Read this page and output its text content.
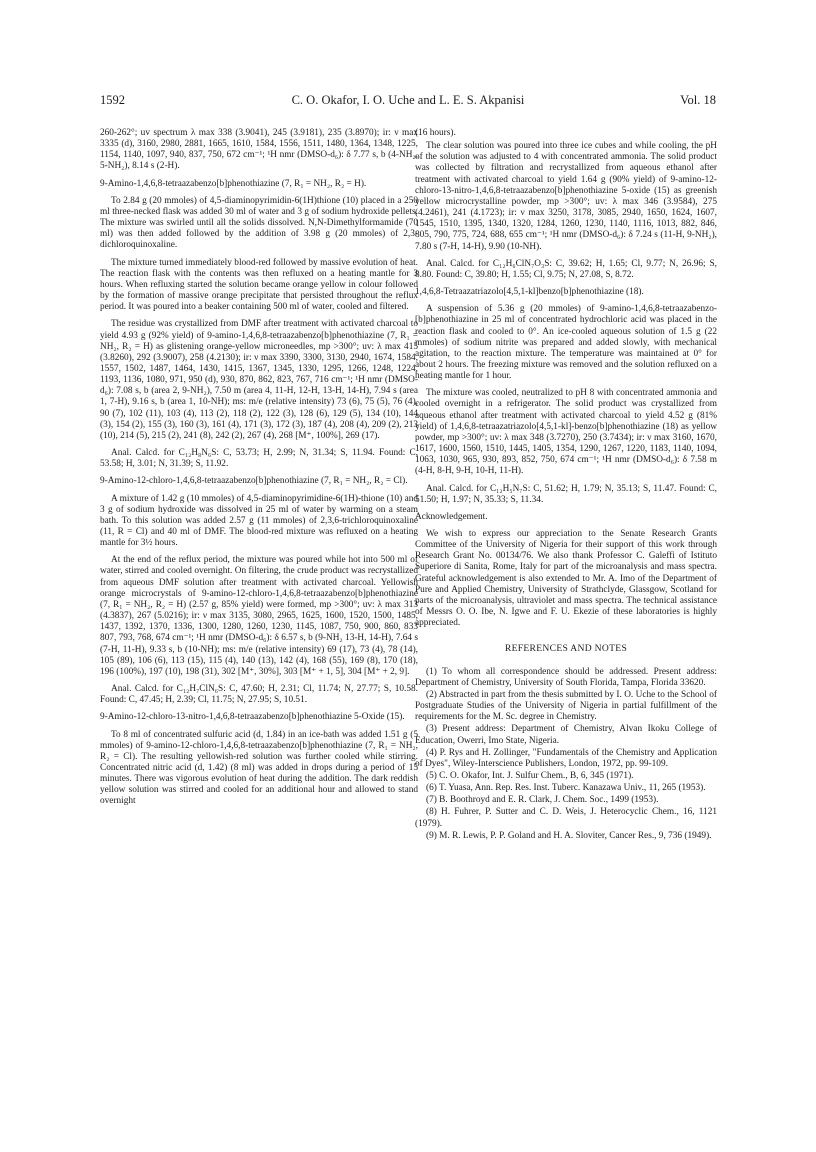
1592	C. O. Okafor, I. O. Uche and L. E. S. Akpanisi	Vol. 18

260-262°; uv spectrum λ max 338 (3.9041), 245 (3.9181), 235 (3.8970); ir: ν max 3335 (d), 3160, 2980, 2881, 1665, 1610, 1584, 1556, 1511, 1480, 1364, 1348, 1225, 1154, 1140, 1097, 940, 837, 750, 672 cm⁻¹; ¹H nmr (DMSO-d₆): δ 7.77 s, b (4-NH₂, 5-NH₂), 8.14 s (2-H).

9-Amino-1,4,6,8-tetraazabenzo[b]phenothiazine (7, R₁ = NH₂, R₂ = H).

To 2.84 g (20 mmoles) of 4,5-diaminopyrimidin-6(1H)thione (10) placed in a 250 ml three-necked flask was added 30 ml of water and 3 g of sodium hydroxide pellets. The mixture was swirled until all the solids dissolved. N,N-Dimethylformamide (70 ml) was then added followed by the addition of 3.98 g (20 mmoles) of 2,3-dichloroquinoxaline.

The mixture turned immediately blood-red followed by massive evolution of heat. The reaction flask with the contents was then refluxed on a heating mantle for 3 hours. When refluxing started the solution became orange yellow in colour followed by the formation of massive orange precipitate that persisted throughout the reflux period. It was poured into a beaker containing 500 ml of water, cooled and filtered.

The residue was crystallized from DMF after treatment with activated charcoal to yield 4.93 g (92% yield) of 9-amino-1,4,6,8-tetraazabenzo[b]phenothiazine (7, R₁ = NH₂, R₂ = H) as glistening orange-yellow microneedles, mp >300°; uv: λ max 415 (3.8260), 292 (3.9007), 258 (4.2130); ir: ν max 3390, 3300, 3130, 2940, 1674, 1584, 1557, 1502, 1487, 1464, 1430, 1415, 1367, 1345, 1330, 1295, 1266, 1248, 1224, 1193, 1136, 1080, 971, 950 (d), 930, 870, 862, 823, 767, 716 cm⁻¹; ¹H nmr (DMSO-d₆): 7.08 s, b (area 2, 9-NH₂), 7.50 m (area 4, 11-H, 12-H, 13-H, 14-H), 7.94 s (area 1, 7-H), 9.16 s, b (area 1, 10-NH); ms: m/e (relative intensity) 73 (6), 75 (5), 76 (4), 90 (7), 102 (11), 103 (4), 113 (2), 118 (2), 122 (3), 128 (6), 129 (5), 134 (10), 144 (3), 154 (2), 155 (3), 160 (3), 161 (4), 171 (3), 172 (3), 187 (4), 208 (4), 209 (2), 213 (10), 214 (5), 215 (2), 241 (8), 242 (2), 267 (4), 268 [M⁺, 100%], 269 (17).

Anal. Calcd. for C₁₂H₈N₆S: C, 53.73; H, 2.99; N, 31.34; S, 11.94. Found: C, 53.58; H, 3.01; N, 31.39; S, 11.92.

9-Amino-12-chloro-1,4,6,8-tetraazabenzo[b]phenothiazine (7, R₁ = NH₂, R₂ = Cl).

A mixture of 1.42 g (10 mmoles) of 4,5-diaminopyrimidine-6(1H)-thione (10) and 3 g of sodium hydroxide was dissolved in 25 ml of water by warming on a steam bath. To this solution was added 2.57 g (11 mmoles) of 2,3,6-trichloroquinoxaline (11, R = Cl) and 40 ml of DMF. The blood-red mixture was refluxed on a heating mantle for 3½ hours.

At the end of the reflux period, the mixture was poured while hot into 500 ml of water, stirred and cooled overnight. On filtering, the crude product was recrystallized from aqueous DMF solution after treatment with activated charcoal. Yellowish orange microcrystals of 9-amino-12-chloro-1,4,6,8-tetraazabenzo[b]phenothiazine (7, R₁ = NH₂, R₂ = H) (2.57 g, 85% yield) were formed, mp >300°; uv: λ max 313 (4.3837), 267 (5.0216); ir: ν max 3135, 3080, 2965, 1625, 1600, 1520, 1500, 1485, 1437, 1392, 1370, 1336, 1300, 1280, 1260, 1230, 1145, 1087, 750, 900, 860, 833 807, 793, 768, 674 cm⁻¹; ¹H nmr (DMSO-d₆): δ 6.57 s, b (9-NH₂ 13-H, 14-H), 7.64 s (7-H, 11-H), 9.33 s, b (10-NH); ms: m/e (relative intensity) 69 (17), 73 (4), 78 (14), 105 (89), 106 (6), 113 (15), 115 (4), 140 (13), 142 (4), 168 (55), 169 (8), 170 (18), 196 (100%), 197 (10), 198 (31), 302 [M⁺, 30%], 303 [M⁺ + 1, 5], 304 [M⁺ + 2, 9].

Anal. Calcd. for C₁₂H₇ClN₆S: C, 47.60; H, 2.31; Cl, 11.74; N, 27.77; S, 10.58. Found: C, 47.45; H, 2.39; Cl, 11.75; N, 27.95; S, 10.51.

9-Amino-12-chloro-13-nitro-1,4,6,8-tetraazabenzo[b]phenothiazine 5-Oxide (15).

To 8 ml of concentrated sulfuric acid (d, 1.84) in an ice-bath was added 1.51 g (5 mmoles) of 9-amino-12-chloro-1,4,6,8-tetraazabenzo[b]phenothiazine (7, R₁ = NH₂, R₂ = Cl). The resulting yellowish-red solution was further cooled while stirring. Concentrated nitric acid (d, 1.42) (8 ml) was added in drops during a period of 15 minutes. There was vigorous evolution of heat during the addition. The dark reddish yellow solution was stirred and cooled for an additional hour and allowed to stand overnight

(16 hours).

The clear solution was poured into three ice cubes and while cooling, the pH of the solution was adjusted to 4 with concentrated ammonia. The solid product was collected by filtration and recrystallized from aqueous ethanol after treatment with activated charcoal to yield 1.64 g (90% yield) of 9-amino-12-chloro-13-nitro-1,4,6,8-tetraazabenzo[b]phenothiazine 5-oxide (15) as greenish yellow microcrystalline powder, mp >300°; uv: λ max 346 (3.9584), 275 (4.2461), 241 (4.1723); ir: ν max 3250, 3178, 3085, 2940, 1650, 1624, 1607, 1545, 1510, 1395, 1340, 1320, 1284, 1260, 1230, 1140, 1116, 1013, 882, 846, 805, 790, 775, 724, 688, 655 cm⁻¹; ¹H nmr (DMSO-d₆): δ 7.24 s (11-H, 9-NH₂), 7.80 s (7-H, 14-H), 9.90 (10-NH).

Anal. Calcd. for C₁₂H₆ClN₇O₃S: C, 39.62; H, 1.65; Cl, 9.77; N, 26.96; S, 8.80. Found: C, 39.80; H, 1.55; Cl, 9.75; N, 27.08, S, 8.72.

1,4,6,8-Tetraazatriazolo[4,5,1-kl]benzo[b]phenothiazine (18).

A suspension of 5.36 g (20 mmoles) of 9-amino-1,4,6,8-tetraazabenzo-[b]phenothiazine in 25 ml of concentrated hydrochloric acid was placed in the reaction flask and cooled to 0°. An ice-cooled aqueous solution of 1.5 g (22 mmoles) of sodium nitrite was prepared and added slowly, with mechanical agitation, to the reaction mixture. The temperature was maintained at 0° for about 2 hours. The freezing mixture was removed and the solution refluxed on a heating mantle for 1 hour.

The mixture was cooled, neutralized to pH 8 with concentrated ammonia and cooled overnight in a refrigerator. The solid product was crystallized from aqueous ethanol after treatment with activated charcoal to yield 4.52 g (81% yield) of 1,4,6,8-tetraazatriazolo[4,5,1-kl]-benzo[b]phenothiazine (18) as yellow powder, mp >300°; uv: λ max 348 (3.7270), 250 (3.7434); ir: ν max 3160, 1670, 1617, 1600, 1560, 1510, 1445, 1405, 1354, 1290, 1267, 1220, 1183, 1140, 1094, 1063, 1030, 965, 930, 893, 852, 750, 674 cm⁻¹; ¹H nmr (DMSO-d₆): δ 7.58 m (4-H, 8-H, 9-H, 10-H, 11-H).

Anal. Calcd. for C₁₂H₅N₇S: C, 51.62; H, 1.79; N, 35.13; S, 11.47. Found: C, 51.50; H, 1.97; N, 35.33; S, 11.34.

Acknowledgement.

We wish to express our appreciation to the Senate Research Grants Committee of the University of Nigeria for their support of this work through Research Grant No. 00134/76. We also thank Professor C. Galeffi of Istituto Superiore di Sanita, Rome, Italy for part of the microanalysis and mass spectra. Grateful acknowledgement is also extended to Mr. A. Imo of the Department of Pure and Applied Chemistry, University of Strathclyde, Glassgow, Scotland for parts of the microanalysis, ultraviolet and mass spectra. The technical assistance of Messrs O. O. Ibe, N. Igwe and F. U. Ekezie of these laboratories is highly appreciated.

REFERENCES AND NOTES
(1) To whom all correspondence should be addressed. Present address: Department of Chemistry, University of South Florida, Tampa, Florida 33620.
(2) Abstracted in part from the thesis submitted by I. O. Uche to the School of Postgraduate Studies of the University of Nigeria in partial fulfillment of the requirements for the M. Sc. degree in Chemistry.
(3) Present address: Department of Chemistry, Alvan Ikoku College of Education, Owerri, Imo State, Nigeria.
(4) P. Rys and H. Zollinger, "Fundamentals of the Chemistry and Application of Dyes", Wiley-Interscience Publishers, London, 1972, pp. 99-109.
(5) C. O. Okafor, Int. J. Sulfur Chem., B, 6, 345 (1971).
(6) T. Yuasa, Ann. Rep. Res. Inst. Tuberc. Kanazawa Univ., 11, 265 (1953).
(7) B. Boothroyd and E. R. Clark, J. Chem. Soc., 1499 (1953).
(8) H. Fuhrer, P. Sutter and C. D. Weis, J. Heterocyclic Chem., 16, 1121 (1979).
(9) M. R. Lewis, P. P. Goland and H. A. Sloviter, Cancer Res., 9, 736 (1949).
